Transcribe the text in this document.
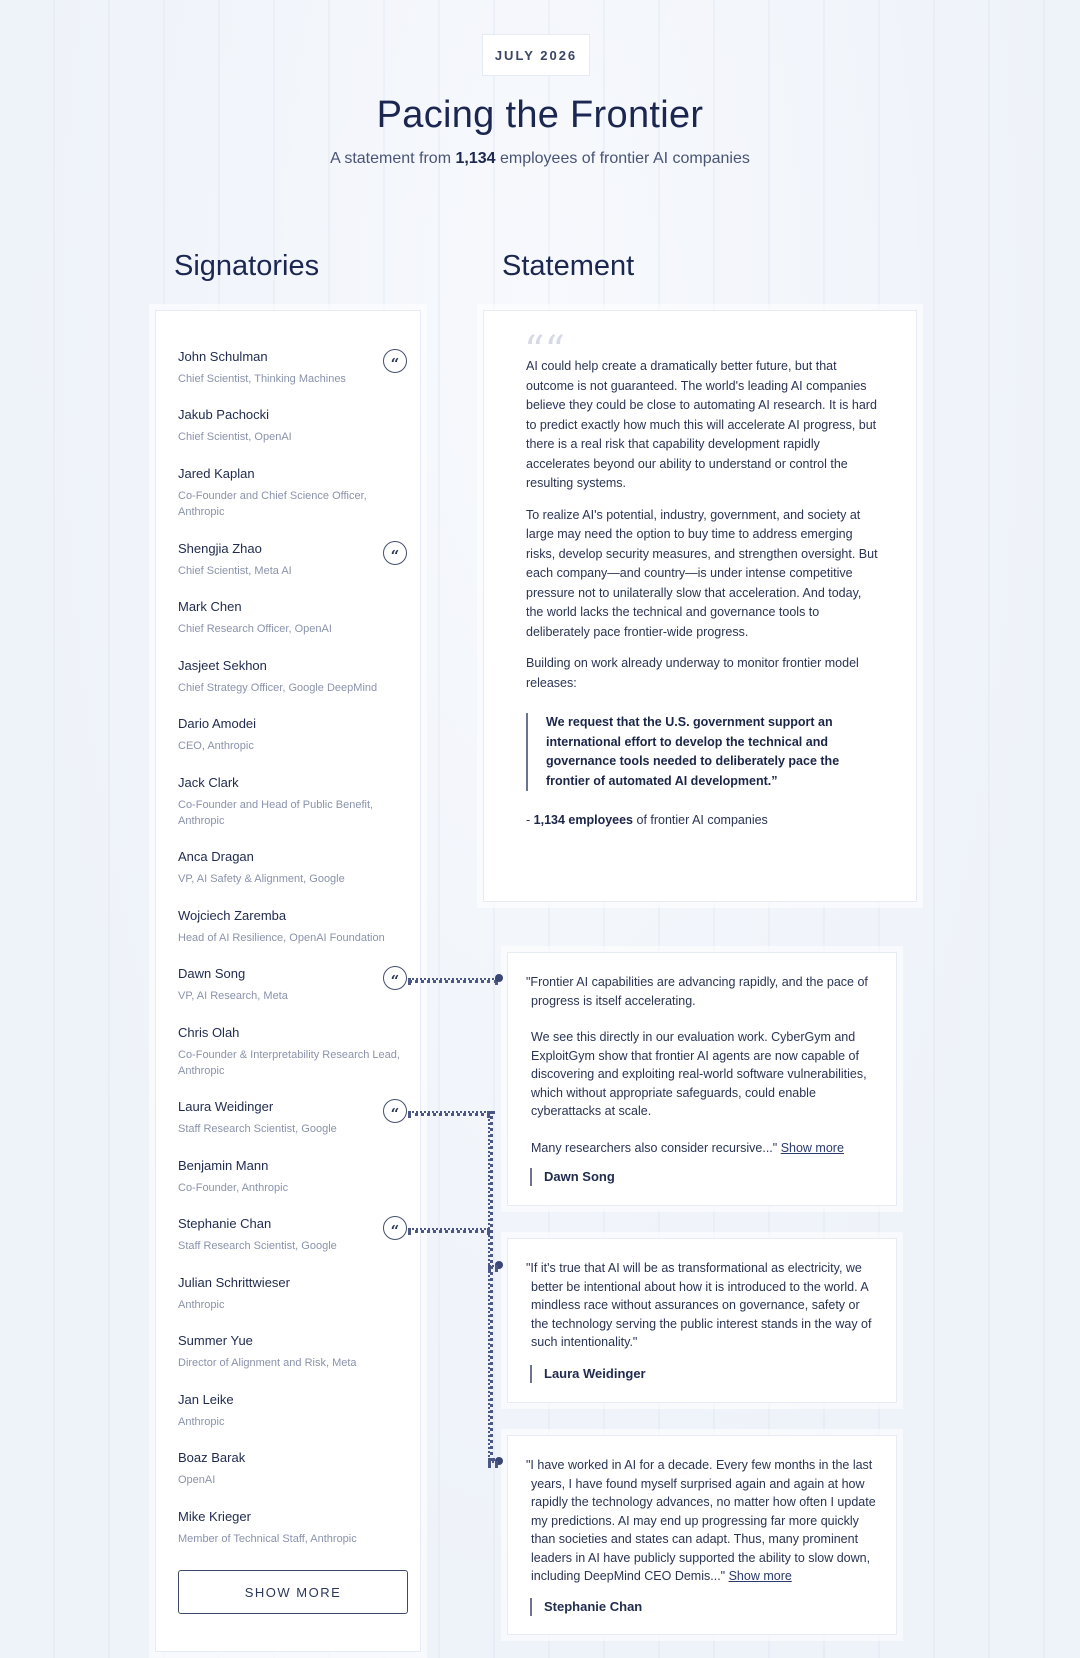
JULY 2026
Pacing the Frontier
A statement from 1,134 employees of frontier AI companies
Signatories	Statement
John Schulman
Chief Scientist, Thinking Machines
“
Jakub Pachocki
Chief Scientist, OpenAI
Jared Kaplan
Co-Founder and Chief Science Officer, Anthropic
Shengjia Zhao
Chief Scientist, Meta AI
“
Mark Chen
Chief Research Officer, OpenAI
Jasjeet Sekhon
Chief Strategy Officer, Google DeepMind
Dario Amodei
CEO, Anthropic
Jack Clark
Co-Founder and Head of Public Benefit, Anthropic
Anca Dragan
VP, AI Safety & Alignment, Google
Wojciech Zaremba
Head of AI Resilience, OpenAI Foundation
Dawn Song
VP, AI Research, Meta
“
Chris Olah
Co-Founder & Interpretability Research Lead, Anthropic
Laura Weidinger
Staff Research Scientist, Google
“
Benjamin Mann
Co-Founder, Anthropic
Stephanie Chan
Staff Research Scientist, Google
“
Julian Schrittwieser
Anthropic
Summer Yue
Director of Alignment and Risk, Meta
Jan Leike
Anthropic
Boaz Barak
OpenAI
Mike Krieger
Member of Technical Staff, Anthropic
SHOW MORE
““

AI could help create a dramatically better future, but that outcome is not guaranteed. The world's leading AI companies believe they could be close to automating AI research. It is hard to predict exactly how much this will accelerate AI progress, but there is a real risk that capability development rapidly accelerates beyond our ability to understand or control the resulting systems.

To realize AI's potential, industry, government, and society at large may need the option to buy time to address emerging risks, develop security measures, and strengthen oversight. But each company—and country—is under intense competitive pressure not to unilaterally slow that acceleration. And today, the world lacks the technical and governance tools to deliberately pace frontier-wide progress.

Building on work already underway to monitor frontier model releases:

We request that the U.S. government support an international effort to develop the technical and governance tools needed to deliberately pace the frontier of automated AI development.”

- 1,134 employees of frontier AI companies

"Frontier AI capabilities are advancing rapidly, and the pace of progress is itself accelerating.

We see this directly in our evaluation work. CyberGym and ExploitGym show that frontier AI agents are now capable of discovering and exploiting real-world software vulnerabilities, which without appropriate safeguards, could enable cyberattacks at scale.

Many researchers also consider recursive..." Show more

Dawn Song

"If it's true that AI will be as transformational as electricity, we better be intentional about how it is introduced to the world. A mindless race without assurances on governance, safety or the technology serving the public interest stands in the way of such intentionality."

Laura Weidinger

"I have worked in AI for a decade. Every few months in the last years, I have found myself surprised again and again at how rapidly the technology advances, no matter how often I update my predictions. AI may end up progressing far more quickly than societies and states can adapt. Thus, many prominent leaders in AI have publicly supported the ability to slow down, including DeepMind CEO Demis..." Show more

Stephanie Chan
